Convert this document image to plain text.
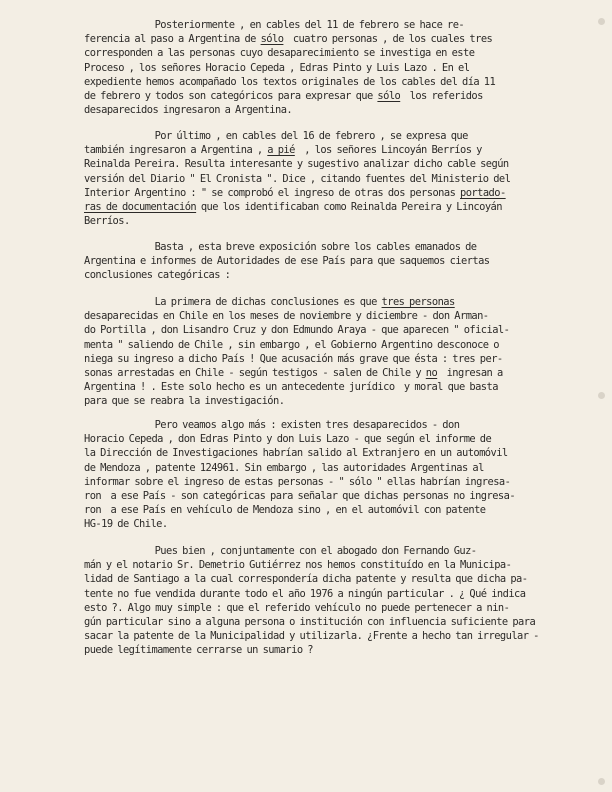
Posteriormente , en cables del 11 de febrero se hace re-
ferencia al paso a Argentina de sólo  cuatro personas , de los cuales tres
corresponden a las personas cuyo desaparecimiento se investiga en este
Proceso , los señores Horacio Cepeda , Edras Pinto y Luis Lazo . En el
expediente hemos acompañado los textos originales de los cables del día 11
de febrero y todos son categóricos para expresar que sólo  los referidos
desaparecidos ingresaron a Argentina.
Por último , en cables del 16 de febrero , se expresa que
también ingresaron a Argentina , a pié  , los señores Lincoyán Berríos y
Reinalda Pereira. Resulta interesante y sugestivo analizar dicho cable según
versión del Diario " El Cronista ". Dice , citando fuentes del Ministerio del
Interior Argentino : " se comprobó el ingreso de otras dos personas portado-
ras de documentación que los identificaban como Reinalda Pereira y Lincoyán
Berríos.
Basta , esta breve exposición sobre los cables emanados de
Argentina e informes de Autoridades de ese País para que saquemos ciertas
conclusiones categóricas :
La primera de dichas conclusiones es que tres personas
desaparecidas en Chile en los meses de noviembre y diciembre - don Arman-
do Portilla , don Lisandro Cruz y don Edmundo Araya - que aparecen " oficial-
menta " saliendo de Chile , sin embargo , el Gobierno Argentino desconoce o
niega su ingreso a dicho País ! Que acusación más grave que ésta : tres per-
sonas arrestadas en Chile - según testigos - salen de Chile y no  ingresan a
Argentina ! . Este solo hecho es un antecedente jurídico  y moral que basta
para que se reabra la investigación.
Pero veamos algo más : existen tres desaparecidos - don
Horacio Cepeda , don Edras Pinto y don Luis Lazo - que según el informe de
la Dirección de Investigaciones habrían salido al Extranjero en un automóvil
de Mendoza , patente 124961. Sin embargo , las autoridades Argentinas al
informar sobre el ingreso de estas personas - " sólo " ellas habrían ingresa-
ron  a ese País - son categóricas para señalar que dichas personas no ingresa-
ron  a ese País en vehículo de Mendoza sino , en el automóvil con patente
HG-19 de Chile.
Pues bien , conjuntamente con el abogado don Fernando Guz-
mán y el notario Sr. Demetrio Gutiérrez nos hemos constituído en la Municipa-
lidad de Santiago a la cual correspondería dicha patente y resulta que dicha pa-
tente no fue vendida durante todo el año 1976 a ningún particular . ¿ Qué indica
esto ?. Algo muy simple : que el referido vehículo no puede pertenecer a nin-
gún particular sino a alguna persona o institución con influencia suficiente para
sacar la patente de la Municipalidad y utilizarla. ¿Frente a hecho tan irregular -
puede legítimamente cerrarse un sumario ?
